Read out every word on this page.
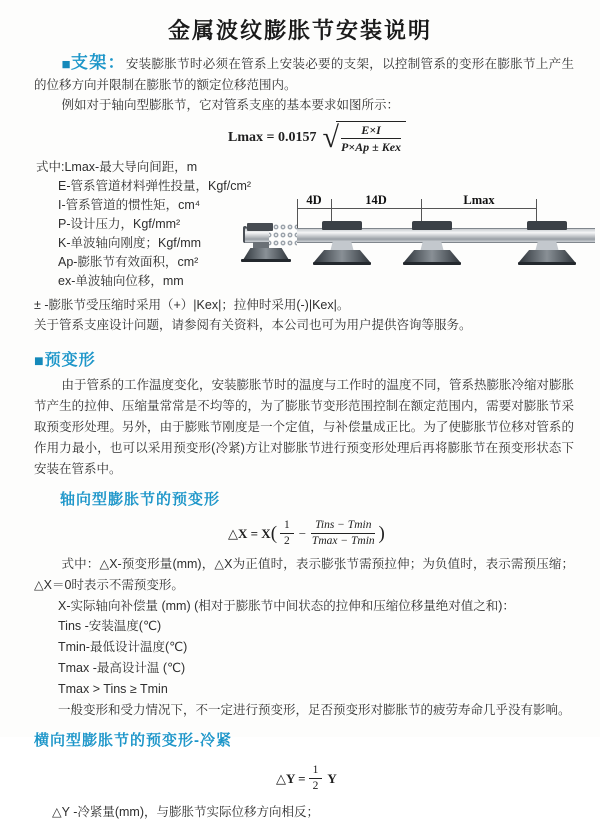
金属波纹膨胀节安装说明

■支架：安装膨胀节时必须在管系上安装必要的支架，以控制管系的变形在膨胀节上产生的位移方向并限制在膨胀节的额定位移范围内。

例如对于轴向型膨胀节，它对管系支座的基本要求如图所示：

Lmax = 0.0157 √ $\frac{E\times I}{\text{P×Ap ± Kex}}$

式中:Lmax-最大导向间距，m

E-管系管道材料弹性投量，Kgf/cm²

I-管系管道的惯性矩，cm⁴

P-设计压力，Kgf/mm²

K-单波轴向刚度；Kgf/mm

Ap-膨胀节有效面积，cm²

ex-单波轴向位移，mm

4D	14D	Lmax

± -膨胀节受压缩时采用（+）|Kex|；拉伸时采用(-)|Kex|。

关于管系支座设计问题，请参阅有关资料，本公司也可为用户提供咨询等服务。

■预变形

由于管系的工作温度变化，安装膨胀节时的温度与工作时的温度不同，管系热膨胀冷缩对膨胀节产生的拉伸、压缩量常常是不均等的，为了膨胀节变形范围控制在额定范围内，需要对膨胀节采取预变形处理。另外，由于膨账节刚度是一个定值，与补偿量成正比。为了使膨胀节位移对管系的作用力最小，也可以采用预变形(冷紧)方让对膨胀节进行预变形处理后再将膨胀节在预变形状态下安装在管系中。

轴向型膨胀节的预变形
△X = X ( $\frac{1}{2} - \frac{\text{Tins − Tmin}}{Tmax - Tmin}$ )

式中：△X-预变形量(mm)，△X为正值时，表示膨张节需预拉伸；为负值时，表示需预压缩；△X＝0时表示不需预变形。

X-实际轴向补偿量 (mm) (相对于膨胀节中间状态的拉伸和压缩位移量绝对值之和)：

Tins -安装温度(℃)

Tmin-最低设计温度(℃)

Tmax -最高设计温 (℃)

Tmax > Tins ≥ Tmin

一般变形和受力情况下，不一定进行预变形，足否预变形对膨胀节的疲劳寿命几乎没有影响。

横向型膨胀节的预变形-冷紧
△Y = $\frac{1}{2}$ Y

△Y -冷紧量(mm)，与膨胀节实际位移方向相反；
